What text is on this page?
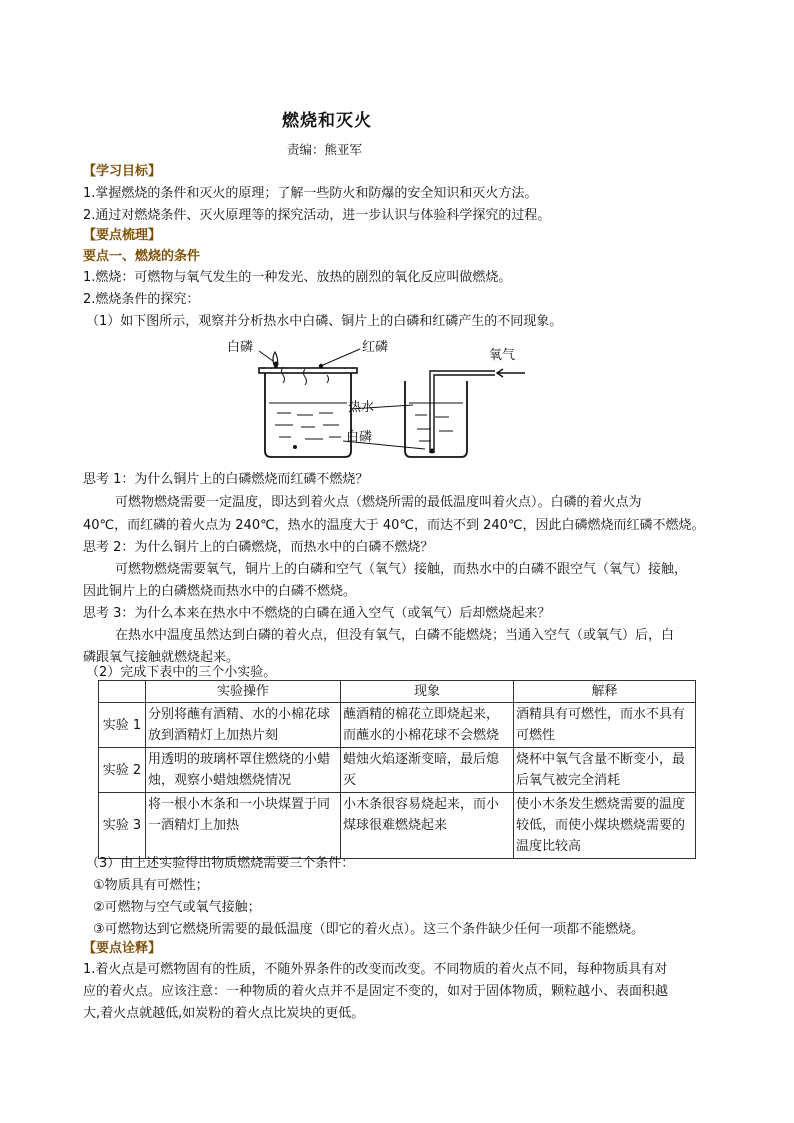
燃烧和灭火
责编：熊亚军
【学习目标】
1.掌握燃烧的条件和灭火的原理；了解一些防火和防爆的安全知识和灭火方法。
2.通过对燃烧条件、灭火原理等的探究活动，进一步认识与体验科学探究的过程。
【要点梳理】
要点一、燃烧的条件
1.燃烧：可燃物与氧气发生的一种发光、放热的剧烈的氧化反应叫做燃烧。
2.燃烧条件的探究：
（1）如下图所示，观察并分析热水中白磷、铜片上的白磷和红磷产生的不同现象。
白磷	红磷
氧气
热水
白磷
思考 1：为什么铜片上的白磷燃烧而红磷不燃烧？
可燃物燃烧需要一定温度，即达到着火点（燃烧所需的最低温度叫着火点）。白磷的着火点为
40℃，而红磷的着火点为 240℃，热水的温度大于 40℃，而达不到 240℃，因此白磷燃烧而红磷不燃烧。
思考 2：为什么铜片上的白磷燃烧，而热水中的白磷不燃烧？
可燃物燃烧需要氧气，铜片上的白磷和空气（氧气）接触，而热水中的白磷不跟空气（氧气）接触，
因此铜片上的白磷燃烧而热水中的白磷不燃烧。
思考 3：为什么本来在热水中不燃烧的白磷在通入空气（或氧气）后却燃烧起来？
在热水中温度虽然达到白磷的着火点，但没有氧气，白磷不能燃烧；当通入空气（或氧气）后，白
磷跟氧气接触就燃烧起来。
（2）完成下表中的三个小实验。
	实验操作	现象	解释
实验 1	分别将蘸有酒精、水的小棉花球放到酒精灯上加热片刻	蘸酒精的棉花立即烧起来，而蘸水的小棉花球不会燃烧	酒精具有可燃性，而水不具有可燃性
实验 2	用透明的玻璃杯罩住燃烧的小蜡烛，观察小蜡烛燃烧情况	蜡烛火焰逐渐变暗，最后熄灭	烧杯中氧气含量不断变小，最后氧气被完全消耗
实验 3	将一根小木条和一小块煤置于同一酒精灯上加热	小木条很容易烧起来，而小煤球很难燃烧起来	使小木条发生燃烧需要的温度较低，而使小煤块燃烧需要的温度比较高
（3）由上述实验得出物质燃烧需要三个条件：
①物质具有可燃性；
②可燃物与空气或氧气接触；
③可燃物达到它燃烧所需要的最低温度（即它的着火点）。这三个条件缺少任何一项都不能燃烧。
【要点诠释】
1.着火点是可燃物固有的性质，不随外界条件的改变而改变。不同物质的着火点不同，每种物质具有对
应的着火点。应该注意：一种物质的着火点并不是固定不变的，如对于固体物质，颗粒越小、表面积越
大,着火点就越低,如炭粉的着火点比炭块的更低。
